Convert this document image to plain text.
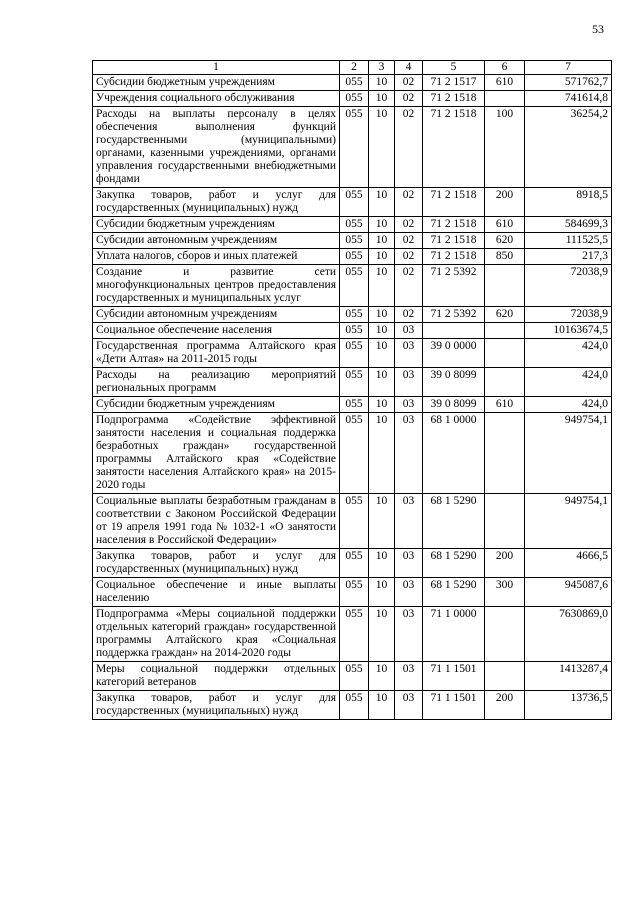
53
1	2	3	4	5	6	7
Субсидии бюджетным учреждениям	055	10	02	71 2 1517	610	571762,7
Учреждения социального обслуживания	055	10	02	71 2 1518		741614,8
Расходы на выплаты персоналу в целях обеспечения выполнения функций государственными (муниципальными) органами, казенными учреждениями, органами управления государственными внебюджетными фондами	055	10	02	71 2 1518	100	36254,2
Закупка товаров, работ и услуг для государственных (муниципальных) нужд	055	10	02	71 2 1518	200	8918,5
Субсидии бюджетным учреждениям	055	10	02	71 2 1518	610	584699,3
Субсидии автономным учреждениям	055	10	02	71 2 1518	620	111525,5
Уплата налогов, сборов и иных платежей	055	10	02	71 2 1518	850	217,3
Создание и развитие сети многофункциональных центров предоставления государственных и муниципальных услуг	055	10	02	71 2 5392		72038,9
Субсидии автономным учреждениям	055	10	02	71 2 5392	620	72038,9
Социальное обеспечение населения	055	10	03			10163674,5
Государственная программа Алтайского края «Дети Алтая» на 2011-2015 годы	055	10	03	39 0 0000		424,0
Расходы на реализацию мероприятий региональных программ	055	10	03	39 0 8099		424,0
Субсидии бюджетным учреждениям	055	10	03	39 0 8099	610	424,0
Подпрограмма «Содействие эффективной занятости населения и социальная поддержка безработных граждан» государственной программы Алтайского края «Содействие занятости населения Алтайского края» на 2015-2020 годы	055	10	03	68 1 0000		949754,1
Социальные выплаты безработным гражданам в соответствии с Законом Российской Федерации от 19 апреля 1991 года № 1032-1 «О занятости населения в Российской Федерации»	055	10	03	68 1 5290		949754,1
Закупка товаров, работ и услуг для государственных (муниципальных) нужд	055	10	03	68 1 5290	200	4666,5
Социальное обеспечение и иные выплаты населению	055	10	03	68 1 5290	300	945087,6
Подпрограмма «Меры социальной поддержки отдельных категорий граждан» государственной программы Алтайского края «Социальная поддержка граждан» на 2014-2020 годы	055	10	03	71 1 0000		7630869,0
Меры социальной поддержки отдельных категорий ветеранов	055	10	03	71 1 1501		1413287,4
Закупка товаров, работ и услуг для государственных (муниципальных) нужд	055	10	03	71 1 1501	200	13736,5
